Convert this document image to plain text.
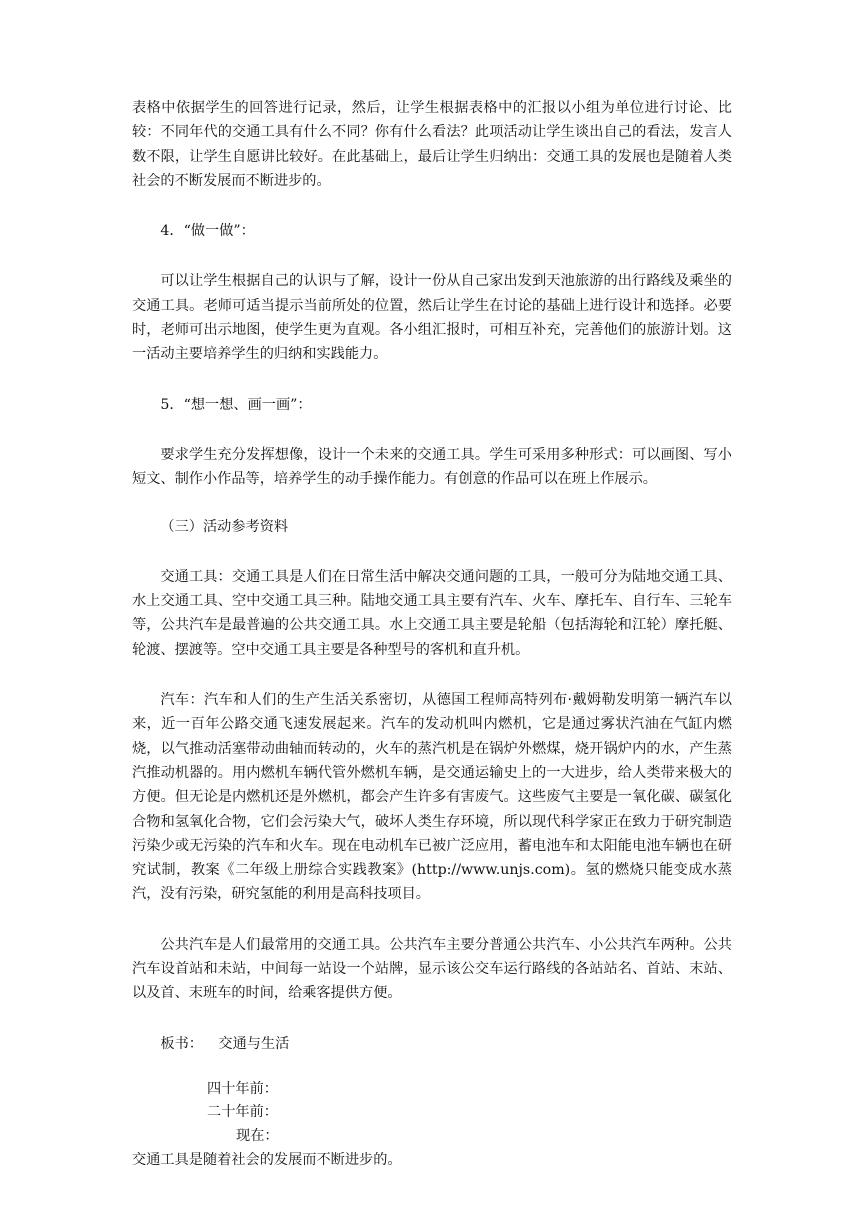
表格中依据学生的回答进行记录，然后，让学生根据表格中的汇报以小组为单位进行讨论、比较：不同年代的交通工具有什么不同？你有什么看法？此项活动让学生谈出自己的看法，发言人数不限，让学生自愿讲比较好。在此基础上，最后让学生归纳出：交通工具的发展也是随着人类社会的不断发展而不断进步的。

4．“做一做”：

可以让学生根据自己的认识与了解，设计一份从自己家出发到天池旅游的出行路线及乘坐的交通工具。老师可适当提示当前所处的位置，然后让学生在讨论的基础上进行设计和选择。必要时，老师可出示地图，使学生更为直观。各小组汇报时，可相互补充，完善他们的旅游计划。这一活动主要培养学生的归纳和实践能力。

5．“想一想、画一画”：

要求学生充分发挥想像，设计一个未来的交通工具。学生可采用多种形式：可以画图、写小短文、制作小作品等，培养学生的动手操作能力。有创意的作品可以在班上作展示。

（三）活动参考资料

交通工具：交通工具是人们在日常生活中解决交通问题的工具，一般可分为陆地交通工具、水上交通工具、空中交通工具三种。陆地交通工具主要有汽车、火车、摩托车、自行车、三轮车等，公共汽车是最普遍的公共交通工具。水上交通工具主要是轮船（包括海轮和江轮）摩托艇、轮渡、摆渡等。空中交通工具主要是各种型号的客机和直升机。

汽车：汽车和人们的生产生活关系密切，从德国工程师高特列布·戴姆勒发明第一辆汽车以来，近一百年公路交通飞速发展起来。汽车的发动机叫内燃机，它是通过雾状汽油在气缸内燃烧，以气推动活塞带动曲轴而转动的，火车的蒸汽机是在锅炉外燃煤，烧开锅炉内的水，产生蒸汽推动机器的。用内燃机车辆代管外燃机车辆，是交通运输史上的一大进步，给人类带来极大的方便。但无论是内燃机还是外燃机，都会产生许多有害废气。这些废气主要是一氧化碳、碳氢化合物和氢氧化合物，它们会污染大气，破坏人类生存环境，所以现代科学家正在致力于研究制造污染少或无污染的汽车和火车。现在电动机车已被广泛应用，蓄电池车和太阳能电池车辆也在研究试制，教案《二年级上册综合实践教案》(http://www.unjs.com)。氢的燃烧只能变成水蒸汽，没有污染，研究氢能的利用是高科技项目。

公共汽车是人们最常用的交通工具。公共汽车主要分普通公共汽车、小公共汽车两种。公共汽车设首站和未站，中间每一站设一个站牌，显示该公交车运行路线的各站站名、首站、末站、以及首、末班车的时间，给乘客提供方便。

板书： 交通与生活

四十年前：

二十年前：

现在：

交通工具是随着社会的发展而不断进步的。
